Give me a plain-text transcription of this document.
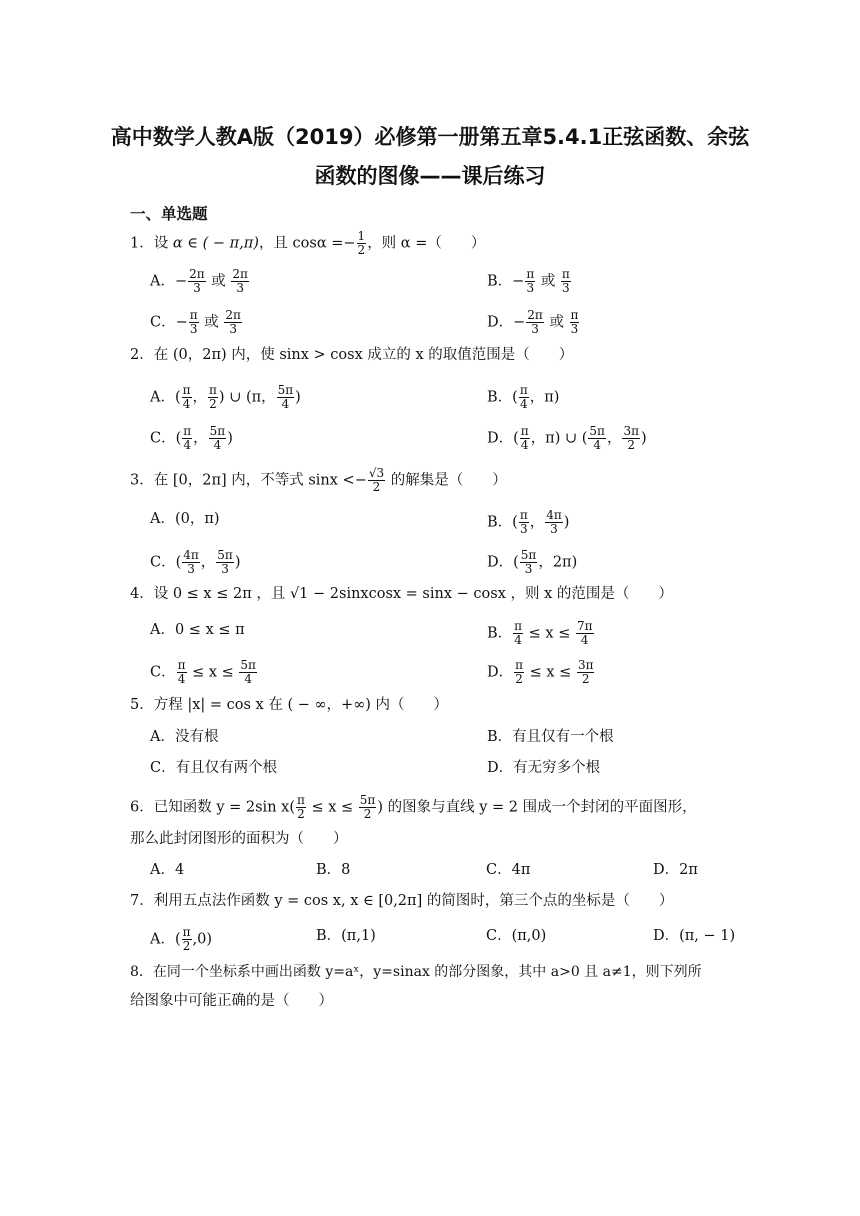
高中数学人教A版（2019）必修第一册第五章5.4.1正弦函数、余弦
函数的图像——课后练习
一、单选题
1．设 α ∈ ( − π,π)，且 $\cos\alpha =- \frac{1}{2}$ ，则 α =（　　）
A．− $\frac{2\pi}{3}$ 或 $\frac{2\pi}{3}$	B．− $\frac{\pi}{3}$ 或 $\frac{\pi}{3}$
C．− $\frac{\pi}{3}$ 或 $\frac{2\pi}{3}$	D．− $\frac{2\pi}{3}$ 或 $\frac{\pi}{3}$
2．在 (0，2π) 内，使 sinx > cosx 成立的 x 的取值范围是（　　）
A．( $\frac{\pi}{4}$ ， $\frac{\pi}{2}$ ) ∪ (π， $\frac{5\pi}{4}$ )	B．( $\frac{\pi}{4}$ ，π)
C．( $\frac{\pi}{4}$ ， $\frac{5\pi}{4}$ )	D．( $\frac{\pi}{4}$ ，π) ∪ ( $\frac{5\pi}{4}$ ， $\frac{3\pi}{2}$ )
3．在 [0，2π] 内，不等式 $\sin x <- \frac{√3}{2}$ 的解集是（　　）
A．(0，π)	B．( $\frac{\pi}{3}$ ， $\frac{4\pi}{3}$ )
C．( $\frac{4\pi}{3}$ ， $\frac{5\pi}{3}$ )	D．( $\frac{5\pi}{3}$ ，2π)
4．设 0 ≤ x ≤ 2π ，且 √1 − 2sinxcosx = sinx − cosx ，则 x 的范围是（　　）
A．0 ≤ x ≤ π	B． $\frac{\pi}{4} \le x \le \frac{7\pi}{4}$
C． $\frac{\pi}{4} \le x \le \frac{5\pi}{4}$	D． $\frac{\pi}{2} \le x \le \frac{3\pi}{2}$
5．方程 |x| = cos x 在 ( − ∞，+∞) 内（　　）
A．没有根	B．有且仅有一个根
C．有且仅有两个根	D．有无穷多个根
6．已知函数 y = 2sin $x( \frac{\pi}{2} \le x \le \frac{5\pi}{2}$ ) 的图象与直线 y = 2 围成一个封闭的平面图形，
那么此封闭图形的面积为（　　）
A．4	B．8	C．4π	D．2π
7．利用五点法作函数 y = cos x, x ∈ [0,2π] 的简图时，第三个点的坐标是（　　）
A．( $\frac{\pi}{2} ,0$)	B．(π,1)	C．(π,0)	D．(π, − 1)
8．在同一个坐标系中画出函数 y=aˣ，y=sinax 的部分图象，其中 a>0 且 a≠1，则下列所
给图象中可能正确的是（　　）
